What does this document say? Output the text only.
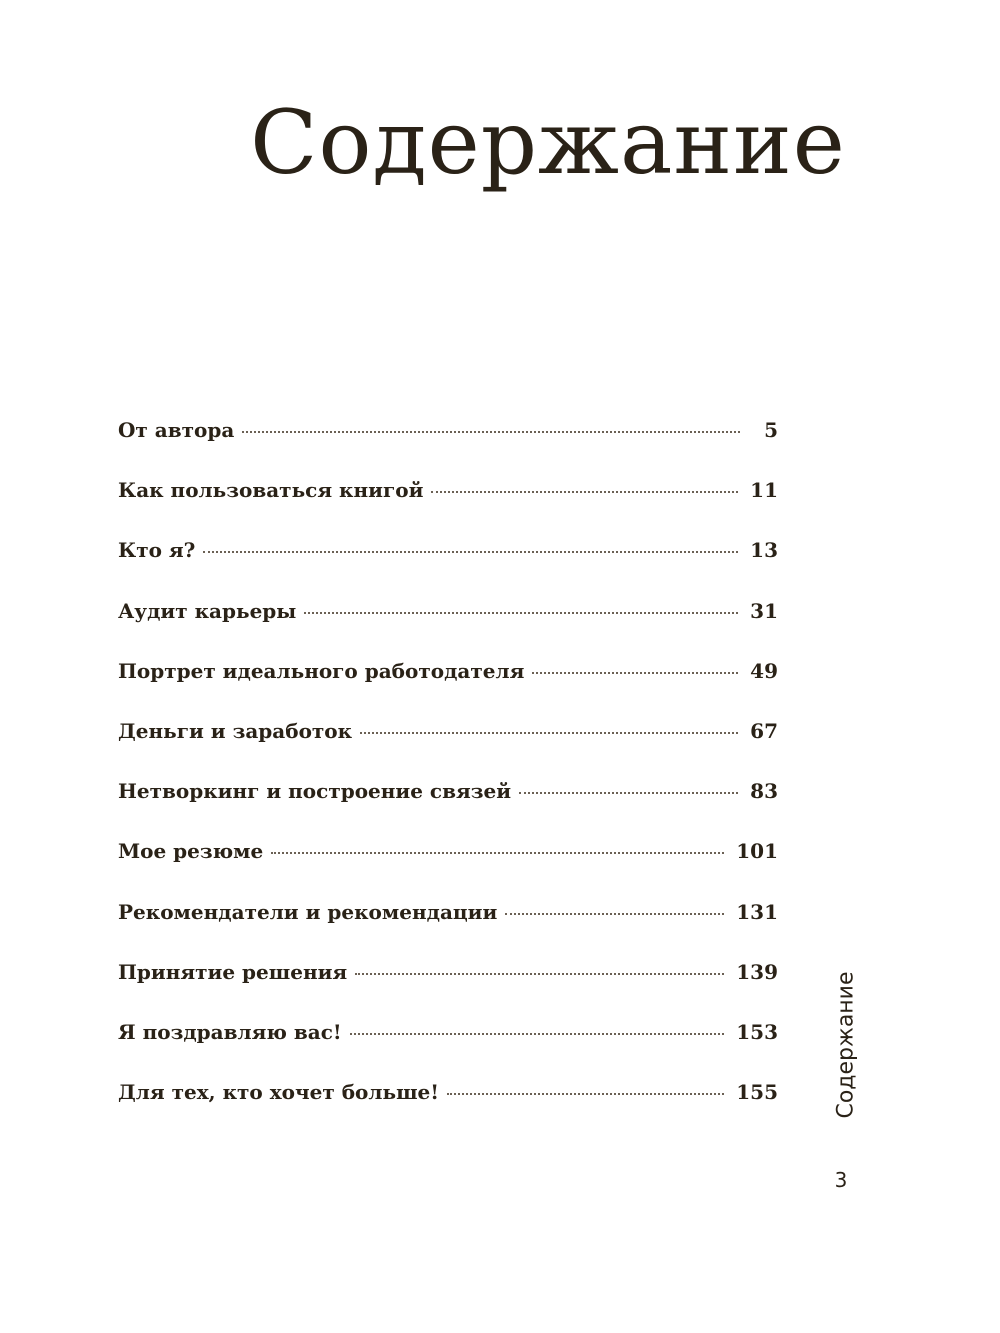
Содержание
От автора	5
Как пользоваться книгой	11
Кто я?	13
Аудит карьеры	31
Портрет идеального работодателя	49
Деньги и заработок	67
Нетворкинг и построение связей	83
Мое резюме	101
Рекомендатели и рекомендации	131
Принятие решения	139
Я поздравляю вас!	153
Для тех, кто хочет больше!	155	Содержание
3
